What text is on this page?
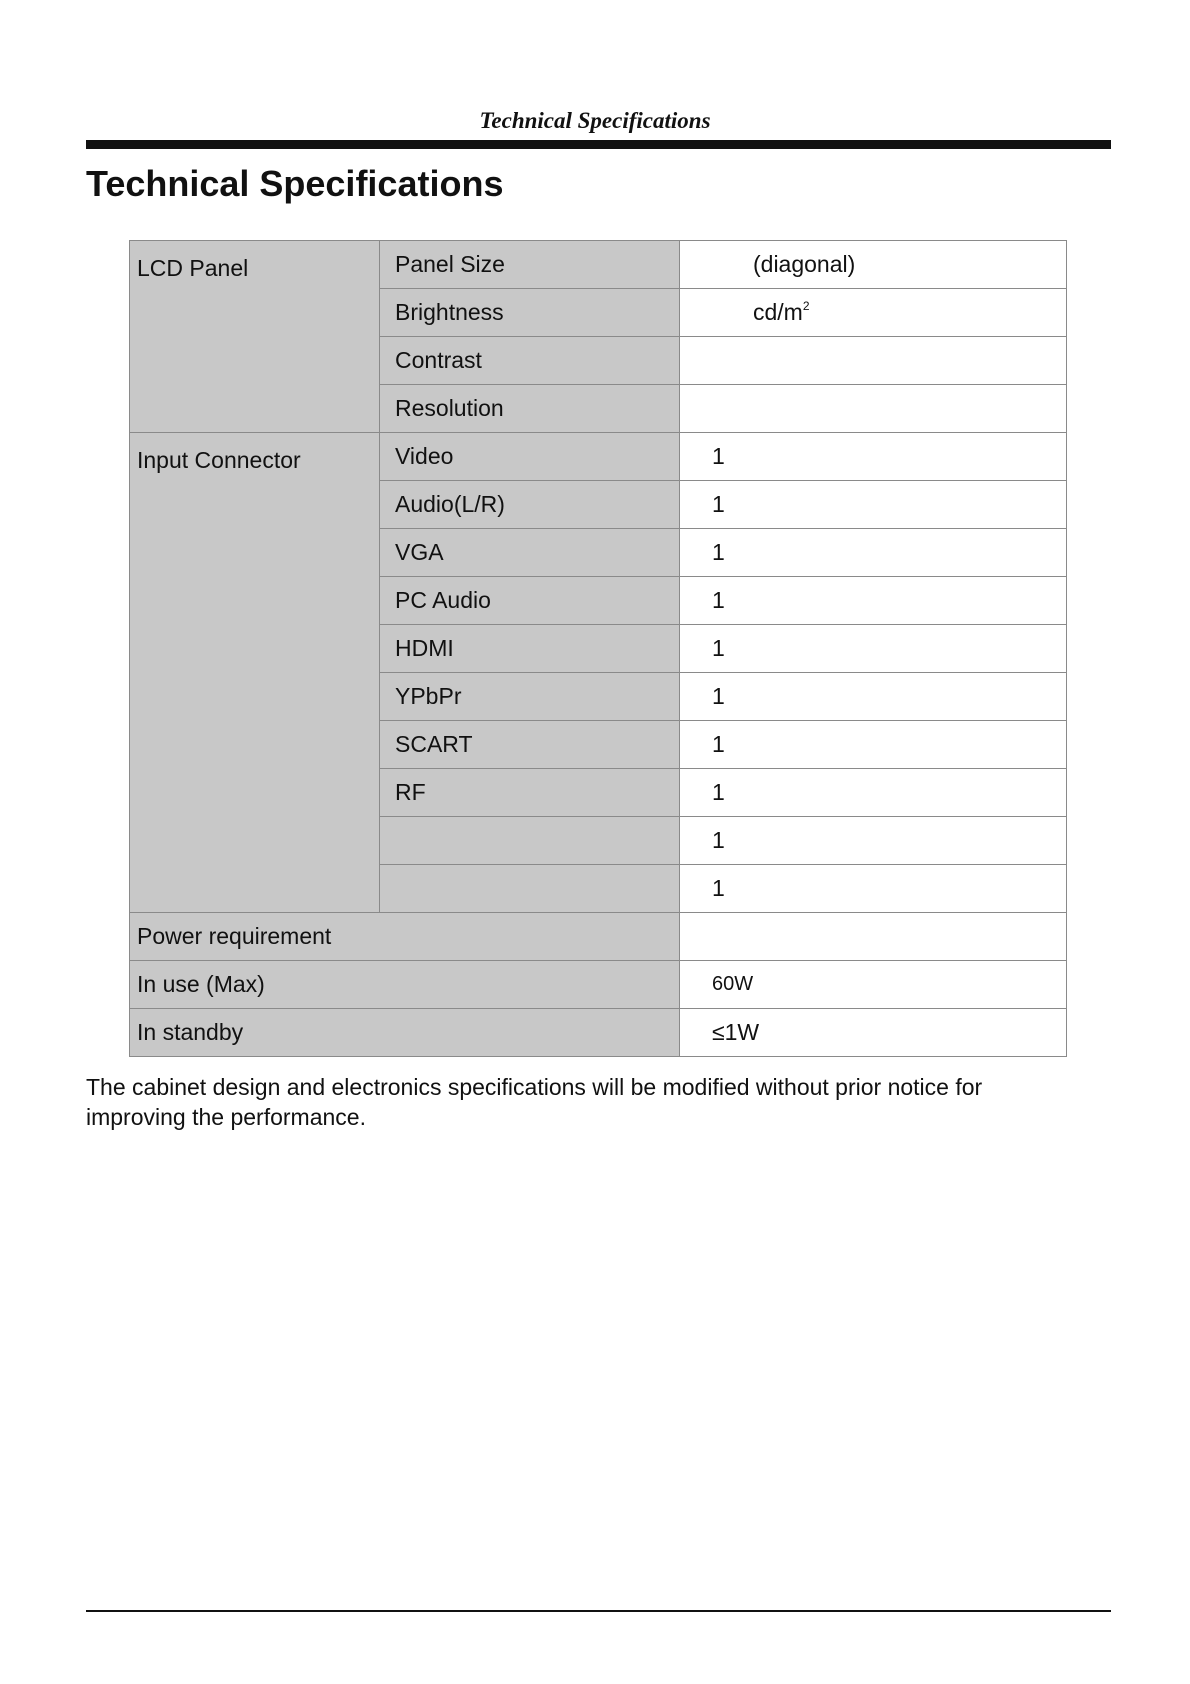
Technical Specifications
Technical Specifications
LCD Panel	Panel Size	(diagonal)
	Brightness	$cd/m^2$
	Contrast	
	Resolution	
Input Connector	Video	1
	Audio(L/R)	1
	VGA	1
	PC Audio	1
	HDMI	1
	YPbPr	1
	SCART	1
	RF	1
		1
		1
Power requirement		
In use (Max)		60W
In standby		≤1W

The cabinet design and electronics specifications will be modified without prior notice for improving the performance.
